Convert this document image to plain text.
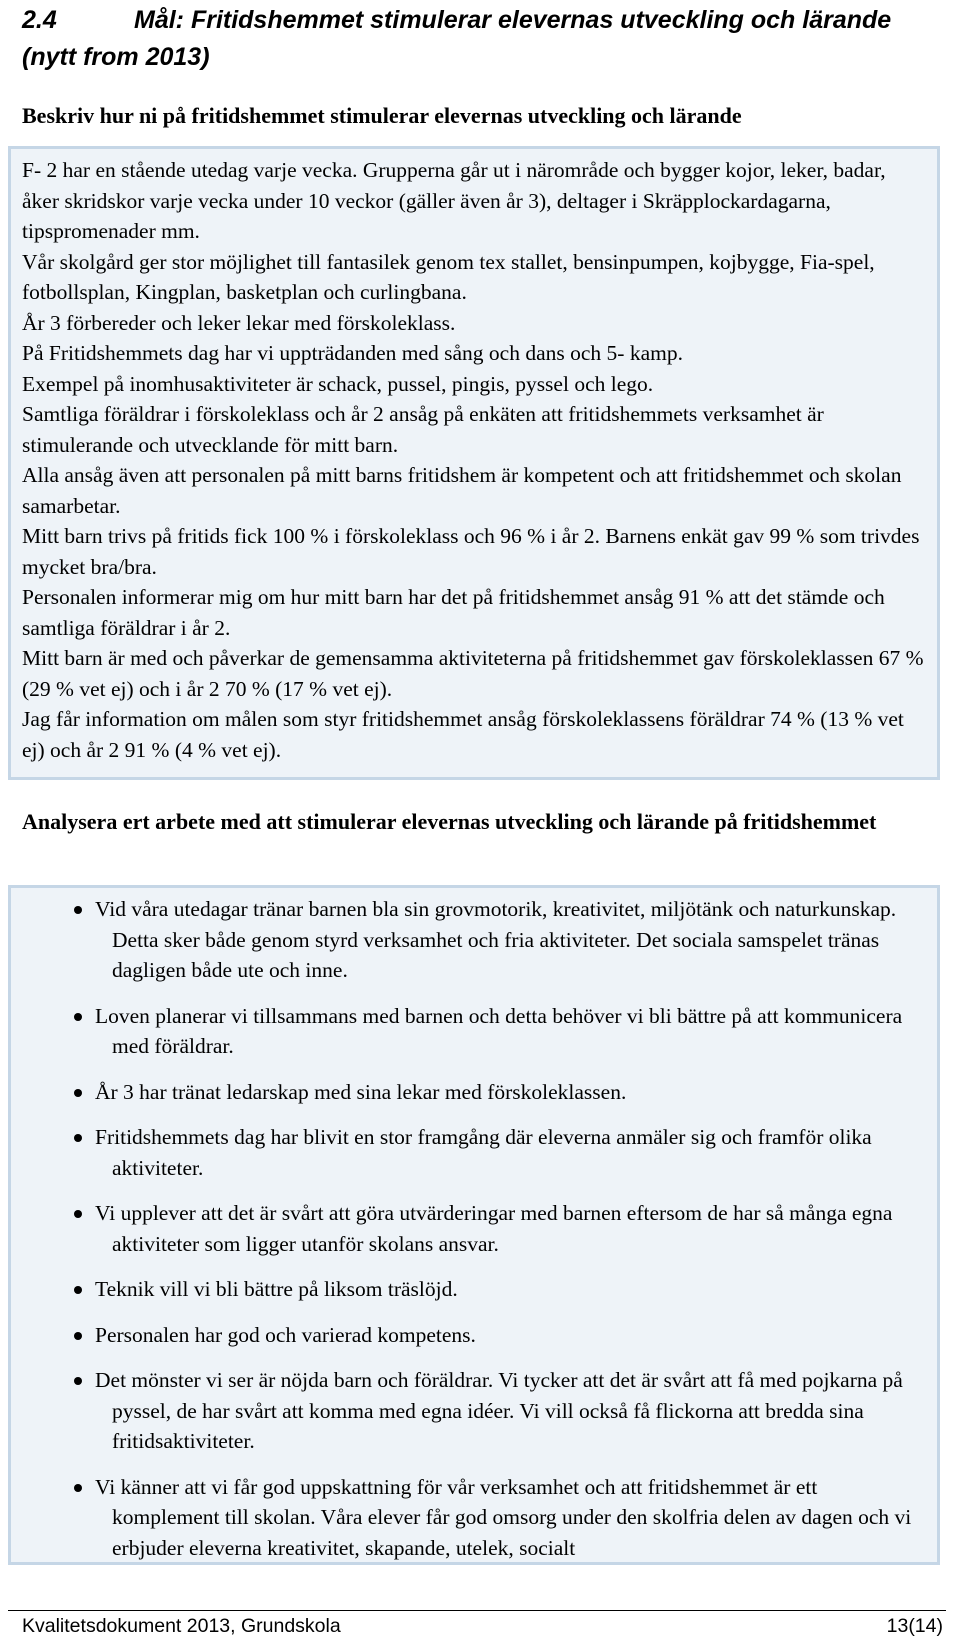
2.4	Mål: Fritidshemmet stimulerar elevernas utveckling och lärande (nytt from 2013)
Beskriv hur ni på fritidshemmet stimulerar elevernas utveckling och lärande

F- 2 har en stående utedag varje vecka. Grupperna går ut i närområde och bygger kojor, leker, badar, åker skridskor varje vecka under 10 veckor (gäller även år 3), deltager i Skräpplockardagarna, tipspromenader mm.

Vår skolgård ger stor möjlighet till fantasilek genom tex stallet, bensinpumpen, kojbygge, Fia-spel, fotbollsplan, Kingplan, basketplan och curlingbana.

År 3 förbereder och leker lekar med förskoleklass.

På Fritidshemmets dag har vi uppträdanden med sång och dans och 5- kamp.

Exempel på inomhusaktiviteter är schack, pussel, pingis, pyssel och lego.

Samtliga föräldrar i förskoleklass och år 2 ansåg på enkäten att fritidshemmets verksamhet är stimulerande och utvecklande för mitt barn.

Alla ansåg även att personalen på mitt barns fritidshem är kompetent och att fritidshemmet och skolan samarbetar.

Mitt barn trivs på fritids fick 100 % i förskoleklass och 96 % i år 2. Barnens enkät gav 99 % som trivdes mycket bra/bra.

Personalen informerar mig om hur mitt barn har det på fritidshemmet ansåg 91 % att det stämde och samtliga föräldrar i år 2.

Mitt barn är med och påverkar de gemensamma aktiviteterna på fritidshemmet gav förskoleklassen 67 % (29 % vet ej) och i år 2 70 % (17 % vet ej).

Jag får information om målen som styr fritidshemmet ansåg förskoleklassens föräldrar 74 % (13 % vet ej) och år 2 91 % (4 % vet ej).

Analysera ert arbete med att stimulerar elevernas utveckling och lärande på fritidshemmet
Vid våra utedagar tränar barnen bla sin grovmotorik, kreativitet, miljötänk och naturkunskap. Detta sker både genom styrd verksamhet och fria aktiviteter. Det sociala samspelet tränas dagligen både ute och inne.
Loven planerar vi tillsammans med barnen och detta behöver vi bli bättre på att kommunicera med föräldrar.
År 3 har tränat ledarskap med sina lekar med förskoleklassen.
Fritidshemmets dag har blivit en stor framgång där eleverna anmäler sig och framför olika aktiviteter.
Vi upplever att det är svårt att göra utvärderingar med barnen eftersom de har så många egna aktiviteter som ligger utanför skolans ansvar.
Teknik vill vi bli bättre på liksom träslöjd.
Personalen har god och varierad kompetens.
Det mönster vi ser är nöjda barn och föräldrar. Vi tycker att det är svårt att få med pojkarna på pyssel, de har svårt att komma med egna idéer. Vi vill också få flickorna att bredda sina fritidsaktiviteter.
Vi känner att vi får god uppskattning för vår verksamhet och att fritidshemmet är ett komplement till skolan. Våra elever får god omsorg under den skolfria delen av dagen och vi erbjuder eleverna kreativitet, skapande, utelek, socialt
Kvalitetsdokument 2013, Grundskola	13(14)
